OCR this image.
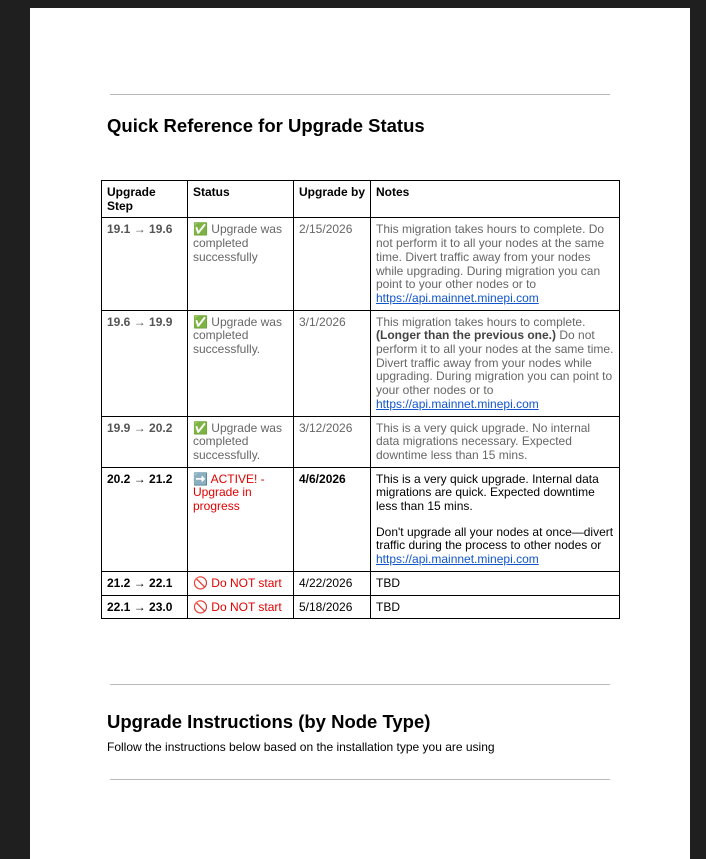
Quick Reference for Upgrade Status
Upgrade
Step	Status	Upgrade by	Notes
19.1 → 19.6	✅ Upgrade was completed successfully	2/15/2026	This migration takes hours to complete. Do not perform it to all your nodes at the same time. Divert traffic away from your nodes while upgrading. During migration you can point to your other nodes or to
https://api.mainnet.minepi.com
19.6 → 19.9	✅ Upgrade was completed successfully.	3/1/2026	This migration takes hours to complete. (Longer than the previous one.) Do not perform it to all your nodes at the same time. Divert traffic away from your nodes while upgrading. During migration you can point to your other nodes or to
https://api.mainnet.minepi.com
19.9 → 20.2	✅ Upgrade was completed successfully.	3/12/2026	This is a very quick upgrade. No internal data migrations necessary. Expected downtime less than 15 mins.
20.2 → 21.2	➡️ ACTIVE! - Upgrade in progress	4/6/2026	This is a very quick upgrade. Internal data migrations are quick. Expected downtime less than 15 mins.
Don't upgrade all your nodes at once—divert traffic during the process to other nodes or
https://api.mainnet.minepi.com
21.2 → 22.1	🚫 Do NOT start	4/22/2026	TBD
22.1 → 23.0	🚫 Do NOT start	5/18/2026	TBD
Upgrade Instructions (by Node Type)
Follow the instructions below based on the installation type you are using
